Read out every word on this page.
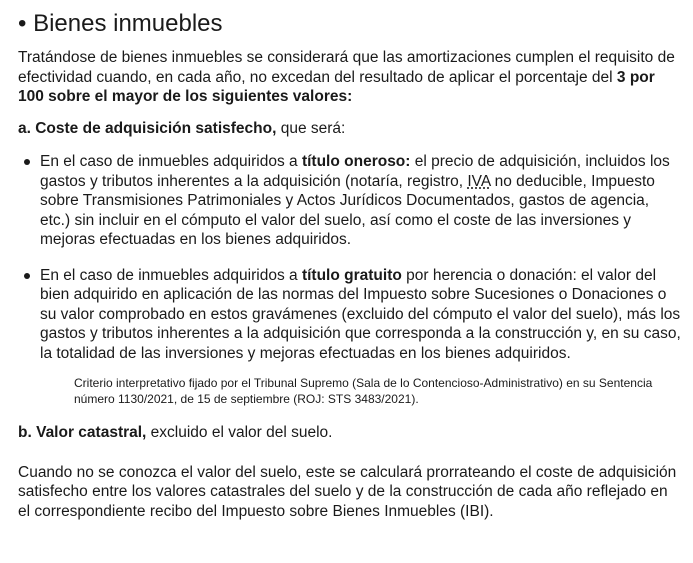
• Bienes inmuebles

Tratándose de bienes inmuebles se considerará que las amortizaciones cumplen el requisito de efectividad cuando, en cada año, no excedan del resultado de aplicar el porcentaje del 3 por 100 sobre el mayor de los siguientes valores:

a. Coste de adquisición satisfecho, que será:

En el caso de inmuebles adquiridos a título oneroso: el precio de adquisición, incluidos los gastos y tributos inherentes a la adquisición (notaría, registro, IVA no deducible, Impuesto sobre Transmisiones Patrimoniales y Actos Jurídicos Documentados, gastos de agencia, etc.) sin incluir en el cómputo el valor del suelo, así como el coste de las inversiones y mejoras efectuadas en los bienes adquiridos.
En el caso de inmuebles adquiridos a título gratuito por herencia o donación: el valor del bien adquirido en aplicación de las normas del Impuesto sobre Sucesiones o Donaciones o su valor comprobado en estos gravámenes (excluido del cómputo el valor del suelo), más los gastos y tributos inherentes a la adquisición que corresponda a la construcción y, en su caso, la totalidad de las inversiones y mejoras efectuadas en los bienes adquiridos.

Criterio interpretativo fijado por el Tribunal Supremo (Sala de lo Contencioso-Administrativo) en su Sentencia número 1130/2021, de 15 de septiembre (ROJ: STS 3483/2021).

b. Valor catastral, excluido el valor del suelo.

Cuando no se conozca el valor del suelo, este se calculará prorrateando el coste de adquisición satisfecho entre los valores catastrales del suelo y de la construcción de cada año reflejado en el correspondiente recibo del Impuesto sobre Bienes Inmuebles (IBI).
